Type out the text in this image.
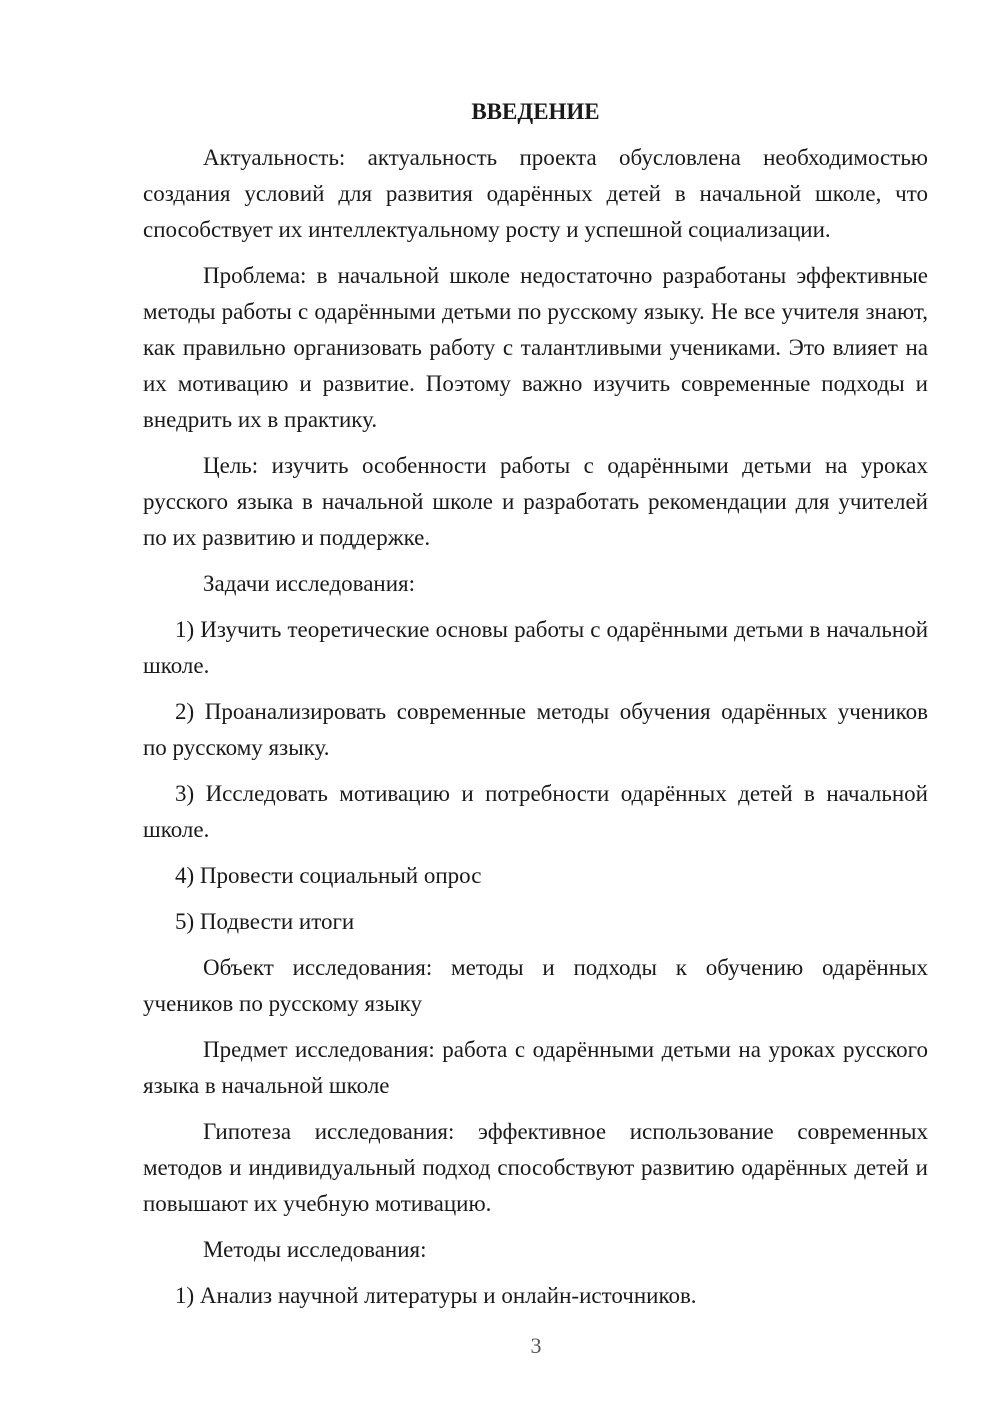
ВВЕДЕНИЕ
Актуальность: актуальность проекта обусловлена необходимостью создания условий для развития одарённых детей в начальной школе, что способствует их интеллектуальному росту и успешной социализации.
Проблема: в начальной школе недостаточно разработаны эффективные методы работы с одарёнными детьми по русскому языку. Не все учителя знают, как правильно организовать работу с талантливыми учениками. Это влияет на их мотивацию и развитие. Поэтому важно изучить современные подходы и внедрить их в практику.
Цель: изучить особенности работы с одарёнными детьми на уроках русского языка в начальной школе и разработать рекомендации для учителей по их развитию и поддержке.
Задачи исследования:
1) Изучить теоретические основы работы с одарёнными детьми в начальной школе.
2) Проанализировать современные методы обучения одарённых учеников по русскому языку.
3) Исследовать мотивацию и потребности одарённых детей в начальной школе.
4) Провести социальный опрос
5) Подвести итоги
Объект исследования: методы и подходы к обучению одарённых учеников по русскому языку
Предмет исследования: работа с одарёнными детьми на уроках русского языка в начальной школе
Гипотеза исследования: эффективное использование современных методов и индивидуальный подход способствуют развитию одарённых детей и повышают их учебную мотивацию.
Методы исследования:
1) Анализ научной литературы и онлайн-источников.
3
